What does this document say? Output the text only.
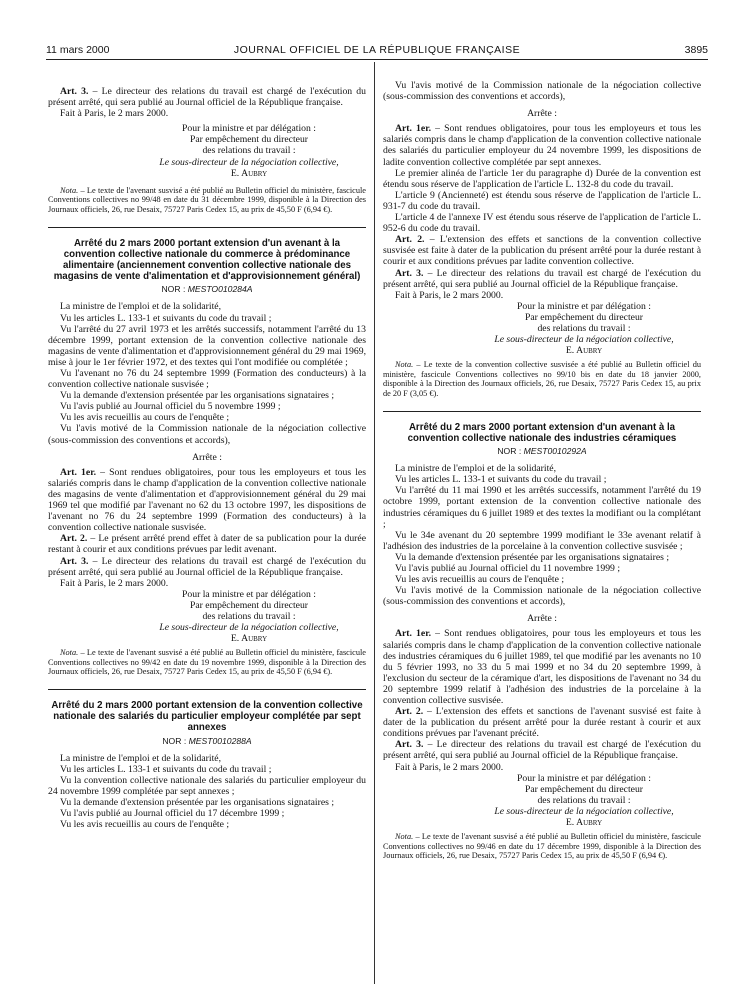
11 mars 2000	JOURNAL OFFICIEL DE LA RÉPUBLIQUE FRANÇAISE	3895

Art. 3. – Le directeur des relations du travail est chargé de l'exécution du présent arrêté, qui sera publié au Journal officiel de la République française.

Fait à Paris, le 2 mars 2000.

Pour la ministre et par délégation :
Par empêchement du directeur
des relations du travail :
Le sous-directeur de la négociation collective,
E. Aubry

Nota. – Le texte de l'avenant susvisé a été publié au Bulletin officiel du ministère, fascicule Conventions collectives no 99/48 en date du 31 décembre 1999, disponible à la Direction des Journaux officiels, 26, rue Desaix, 75727 Paris Cedex 15, au prix de 45,50 F (6,94 €).

Arrêté du 2 mars 2000 portant extension d'un avenant à la convention collective nationale du commerce à prédominance alimentaire (anciennement convention collective nationale des magasins de vente d'alimentation et d'approvisionnement général)

NOR : MESTO010284A

La ministre de l'emploi et de la solidarité,

Vu les articles L. 133-1 et suivants du code du travail ;

Vu l'arrêté du 27 avril 1973 et les arrêtés successifs, notamment l'arrêté du 13 décembre 1999, portant extension de la convention collective nationale des magasins de vente d'alimentation et d'approvisionnement général du 29 mai 1969, mise à jour le 1er février 1972, et des textes qui l'ont modifiée ou complétée ;

Vu l'avenant no 76 du 24 septembre 1999 (Formation des conducteurs) à la convention collective nationale susvisée ;

Vu la demande d'extension présentée par les organisations signataires ;

Vu l'avis publié au Journal officiel du 5 novembre 1999 ;

Vu les avis recueillis au cours de l'enquête ;

Vu l'avis motivé de la Commission nationale de la négociation collective (sous-commission des conventions et accords),

Arrête :

Art. 1er. – Sont rendues obligatoires, pour tous les employeurs et tous les salariés compris dans le champ d'application de la convention collective nationale des magasins de vente d'alimentation et d'approvisionnement général du 29 mai 1969 tel que modifié par l'avenant no 62 du 13 octobre 1997, les dispositions de l'avenant no 76 du 24 septembre 1999 (Formation des conducteurs) à la convention collective nationale susvisée.

Art. 2. – Le présent arrêté prend effet à dater de sa publication pour la durée restant à courir et aux conditions prévues par ledit avenant.

Art. 3. – Le directeur des relations du travail est chargé de l'exécution du présent arrêté, qui sera publié au Journal officiel de la République française.

Fait à Paris, le 2 mars 2000.

Pour la ministre et par délégation :
Par empêchement du directeur
des relations du travail :
Le sous-directeur de la négociation collective,
E. Aubry

Nota. – Le texte de l'avenant susvisé a été publié au Bulletin officiel du ministère, fascicule Conventions collectives no 99/42 en date du 19 novembre 1999, disponible à la Direction des Journaux officiels, 26, rue Desaix, 75727 Paris Cedex 15, au prix de 45,50 F (6,94 €).

Arrêté du 2 mars 2000 portant extension de la convention collective nationale des salariés du particulier employeur complétée par sept annexes

NOR : MEST0010288A

La ministre de l'emploi et de la solidarité,

Vu les articles L. 133-1 et suivants du code du travail ;

Vu la convention collective nationale des salariés du particulier employeur du 24 novembre 1999 complétée par sept annexes ;

Vu la demande d'extension présentée par les organisations signataires ;

Vu l'avis publié au Journal officiel du 17 décembre 1999 ;

Vu les avis recueillis au cours de l'enquête ;

Vu l'avis motivé de la Commission nationale de la négociation collective (sous-commission des conventions et accords),

Arrête :

Art. 1er. – Sont rendues obligatoires, pour tous les employeurs et tous les salariés compris dans le champ d'application de la convention collective nationale des salariés du particulier employeur du 24 novembre 1999, les dispositions de ladite convention collective complétée par sept annexes.

Le premier alinéa de l'article 1er du paragraphe d) Durée de la convention est étendu sous réserve de l'application de l'article L. 132-8 du code du travail.

L'article 9 (Ancienneté) est étendu sous réserve de l'application de l'article L. 931-7 du code du travail.

L'article 4 de l'annexe IV est étendu sous réserve de l'application de l'article L. 952-6 du code du travail.

Art. 2. – L'extension des effets et sanctions de la convention collective susvisée est faite à dater de la publication du présent arrêté pour la durée restant à courir et aux conditions prévues par ladite convention collective.

Art. 3. – Le directeur des relations du travail est chargé de l'exécution du présent arrêté, qui sera publié au Journal officiel de la République française.

Fait à Paris, le 2 mars 2000.

Pour la ministre et par délégation :
Par empêchement du directeur
des relations du travail :
Le sous-directeur de la négociation collective,
E. Aubry

Nota. – Le texte de la convention collective susvisée a été publié au Bulletin officiel du ministère, fascicule Conventions collectives no 99/10 bis en date du 18 janvier 2000, disponible à la Direction des Journaux officiels, 26, rue Desaix, 75727 Paris Cedex 15, au prix de 20 F (3,05 €).

Arrêté du 2 mars 2000 portant extension d'un avenant à la convention collective nationale des industries céramiques

NOR : MEST0010292A

La ministre de l'emploi et de la solidarité,

Vu les articles L. 133-1 et suivants du code du travail ;

Vu l'arrêté du 11 mai 1990 et les arrêtés successifs, notamment l'arrêté du 19 octobre 1999, portant extension de la convention collective nationale des industries céramiques du 6 juillet 1989 et des textes la modifiant ou la complétant ;

Vu le 34e avenant du 20 septembre 1999 modifiant le 33e avenant relatif à l'adhésion des industries de la porcelaine à la convention collective susvisée ;

Vu la demande d'extension présentée par les organisations signataires ;

Vu l'avis publié au Journal officiel du 11 novembre 1999 ;

Vu les avis recueillis au cours de l'enquête ;

Vu l'avis motivé de la Commission nationale de la négociation collective (sous-commission des conventions et accords),

Arrête :

Art. 1er. – Sont rendues obligatoires, pour tous les employeurs et tous les salariés compris dans le champ d'application de la convention collective nationale des industries céramiques du 6 juillet 1989, tel que modifié par les avenants no 10 du 5 février 1993, no 33 du 5 mai 1999 et no 34 du 20 septembre 1999, à l'exclusion du secteur de la céramique d'art, les dispositions de l'avenant no 34 du 20 septembre 1999 relatif à l'adhésion des industries de la porcelaine à la convention collective susvisée.

Art. 2. – L'extension des effets et sanctions de l'avenant susvisé est faite à dater de la publication du présent arrêté pour la durée restant à courir et aux conditions prévues par l'avenant précité.

Art. 3. – Le directeur des relations du travail est chargé de l'exécution du présent arrêté, qui sera publié au Journal officiel de la République française.

Fait à Paris, le 2 mars 2000.

Pour la ministre et par délégation :
Par empêchement du directeur
des relations du travail :
Le sous-directeur de la négociation collective,
E. Aubry

Nota. – Le texte de l'avenant susvisé a été publié au Bulletin officiel du ministère, fascicule Conventions collectives no 99/46 en date du 17 décembre 1999, disponible à la Direction des Journaux officiels, 26, rue Desaix, 75727 Paris Cedex 15, au prix de 45,50 F (6,94 €).
